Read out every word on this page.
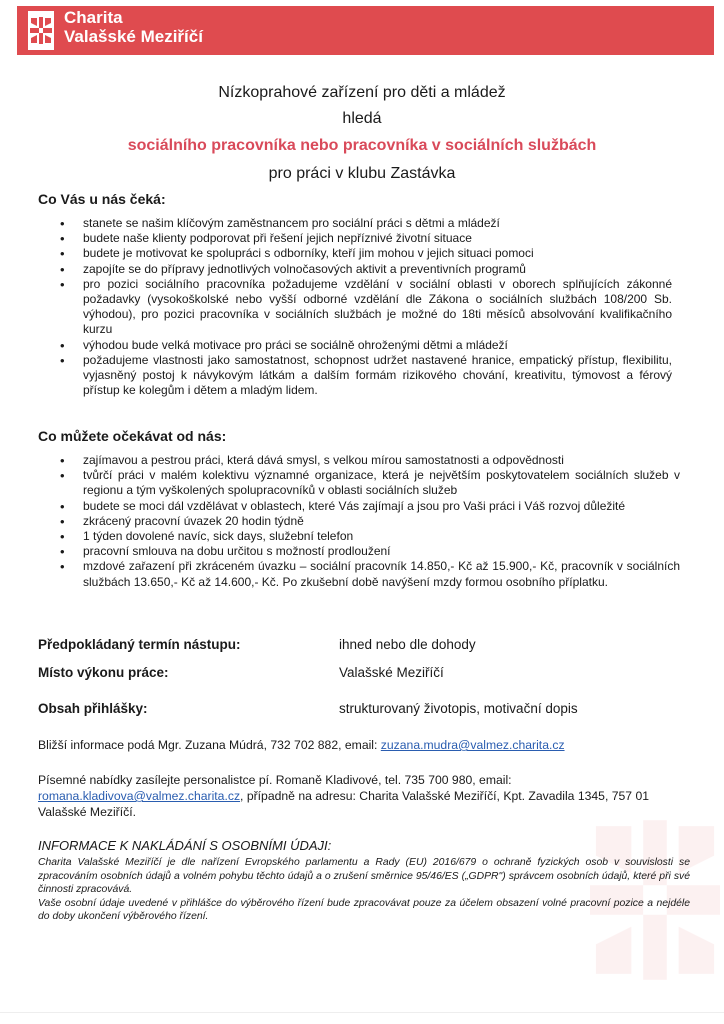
Charita
Valašské Meziříčí
Nízkoprahové zařízení pro děti a mládež
hledá
sociálního pracovníka nebo pracovníka v sociálních službách
pro práci v klubu Zastávka
Co Vás u nás čeká:
• stanete se našim klíčovým zaměstnancem pro sociální práci s dětmi a mládeží
• budete naše klienty podporovat při řešení jejich nepříznivé životní situace
• budete je motivovat ke spolupráci s odborníky, kteří jim mohou v jejich situaci pomoci
• zapojíte se do přípravy jednotlivých volnočasových aktivit a preventivních programů
• pro pozici sociálního pracovníka požadujeme vzdělání v sociální oblasti v oborech splňujících zákonné požadavky (vysokoškolské nebo vyšší odborné vzdělání dle Zákona o sociálních službách 108/200 Sb. výhodou), pro pozici pracovníka v sociálních službách je možné do 18ti měsíců absolvování kvalifikačního kurzu
• výhodou bude velká motivace pro práci se sociálně ohroženými dětmi a mládeží
• požadujeme vlastnosti jako samostatnost, schopnost udržet nastavené hranice, empatický přístup, flexibilitu, vyjasněný postoj k návykovým látkám a dalším formám rizikového chování, kreativitu, týmovost a férový přístup ke kolegům i dětem a mladým lidem.
Co můžete očekávat od nás:
• zajímavou a pestrou práci, která dává smysl, s velkou mírou samostatnosti a odpovědnosti
• tvůrčí práci v malém kolektivu významné organizace, která je největším poskytovatelem sociálních služeb v regionu a tým vyškolených spolupracovníků v oblasti sociálních služeb
• budete se moci dál vzdělávat v oblastech, které Vás zajímají a jsou pro Vaši práci i Váš rozvoj důležité
• zkrácený pracovní úvazek 20 hodin týdně
• 1 týden dovolené navíc, sick days, služební telefon
• pracovní smlouva na dobu určitou s možností prodloužení
• mzdové zařazení při zkráceném úvazku – sociální pracovník 14.850,- Kč až 15.900,- Kč, pracovník v sociálních službách 13.650,- Kč až 14.600,- Kč. Po zkušební době navýšení mzdy formou osobního příplatku.
Předpokládaný termín nástupu:	ihned nebo dle dohody
Místo výkonu práce:	Valašské Meziříčí
Obsah přihlášky:	strukturovaný životopis, motivační dopis
Bližší informace podá Mgr. Zuzana Múdrá, 732 702 882, email: zuzana.mudra@valmez.charita.cz
Písemné nabídky zasílejte personalistce pí. Romaně Kladivové, tel. 735 700 980, email: romana.kladivova@valmez.charita.cz, případně na adresu: Charita Valašské Meziříčí, Kpt. Zavadila 1345, 757 01 Valašské Meziříčí.
INFORMACE K NAKLÁDÁNÍ S OSOBNÍMI ÚDAJI:
Charita Valašské Meziříčí je dle nařízení Evropského parlamentu a Rady (EU) 2016/679 o ochraně fyzických osob v souvislosti se zpracováním osobních údajů a volném pohybu těchto údajů a o zrušení směrnice 95/46/ES („GDPR") správcem osobních údajů, které při své činnosti zpracovává.
Vaše osobní údaje uvedené v přihlášce do výběrového řízení bude zpracovávat pouze za účelem obsazení volné pracovní pozice a nejdéle do doby ukončení výběrového řízení.
